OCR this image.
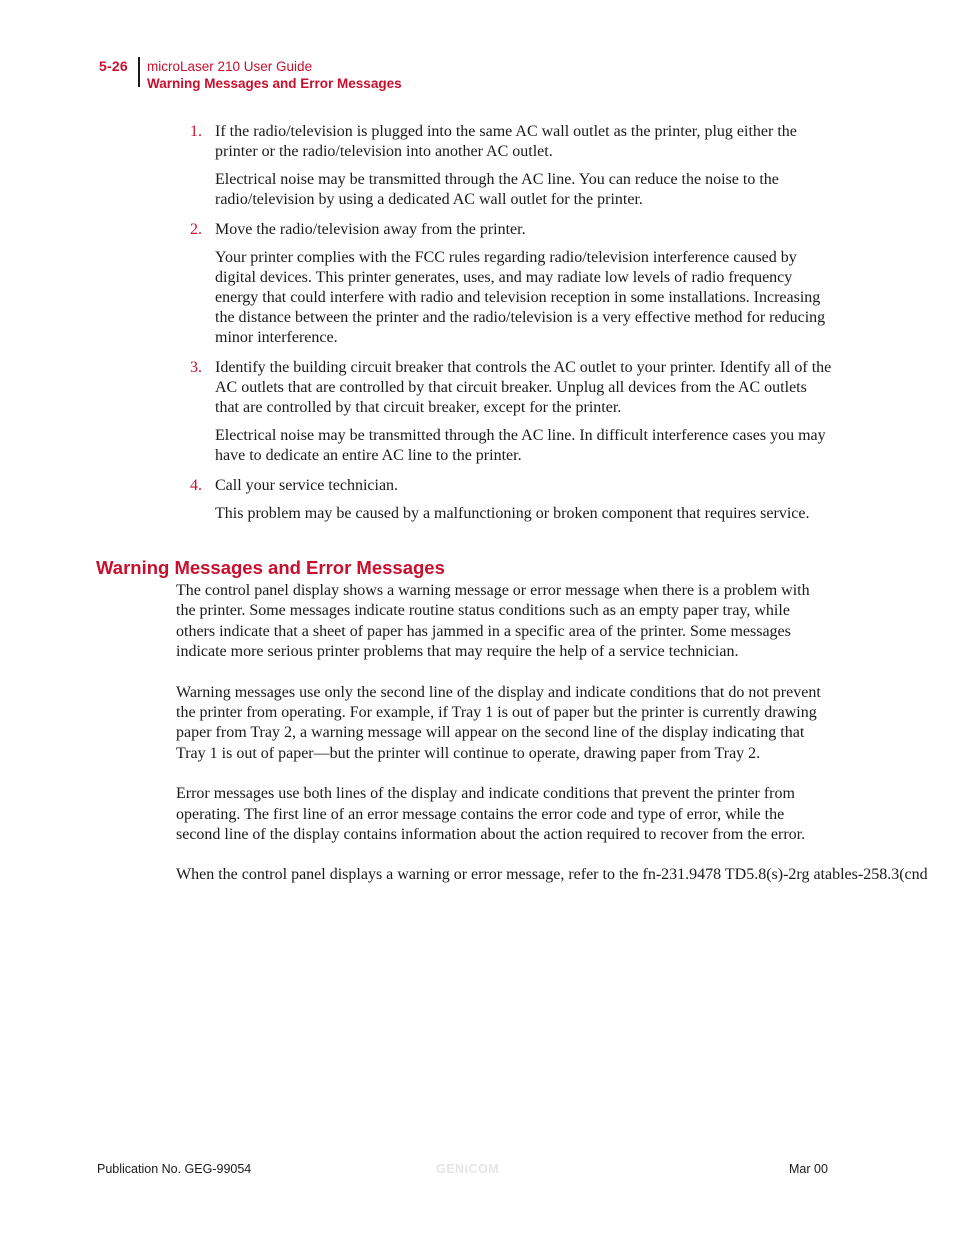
5-26 microLaser 210 User Guide
Warning Messages and Error Messages
1. If the radio/television is plugged into the same AC wall outlet as the printer, plug either the printer or the radio/television into another AC outlet.
Electrical noise may be transmitted through the AC line. You can reduce the noise to the radio/television by using a dedicated AC wall outlet for the printer.
2. Move the radio/television away from the printer.
Your printer complies with the FCC rules regarding radio/television interference caused by digital devices. This printer generates, uses, and may radiate low levels of radio frequency energy that could interfere with radio and television reception in some installations. Increasing the distance between the printer and the radio/television is a very effective method for reducing minor interference.
3. Identify the building circuit breaker that controls the AC outlet to your printer. Identify all of the AC outlets that are controlled by that circuit breaker. Unplug all devices from the AC outlets that are controlled by that circuit breaker, except for the printer.
Electrical noise may be transmitted through the AC line. In difficult interference cases you may have to dedicate an entire AC line to the printer.
4. Call your service technician.
This problem may be caused by a malfunctioning or broken component that requires service.
Warning Messages and Error Messages

The control panel display shows a warning message or error message when there is a problem with the printer. Some messages indicate routine status conditions such as an empty paper tray, while others indicate that a sheet of paper has jammed in a specific area of the printer. Some messages indicate more serious printer problems that may require the help of a service technician.

Warning messages use only the second line of the display and indicate conditions that do not prevent the printer from operating. For example, if Tray 1 is out of paper but the printer is currently drawing paper from Tray 2, a warning message will appear on the second line of the display indicating that Tray 1 is out of paper—but the printer will continue to operate, drawing paper from Tray 2.

Error messages use both lines of the display and indicate conditions that prevent the printer from operating. The first line of an error message contains the error code and type of error, while the second line of the display contains information about the action required to recover from the error.

When the control panel displays a warning or error message, refer to the fn-231.9478 TD5.8(s)-2rg atables-258.3(cnd

Publication No. GEG-99054	GENICOM	Mar 00
